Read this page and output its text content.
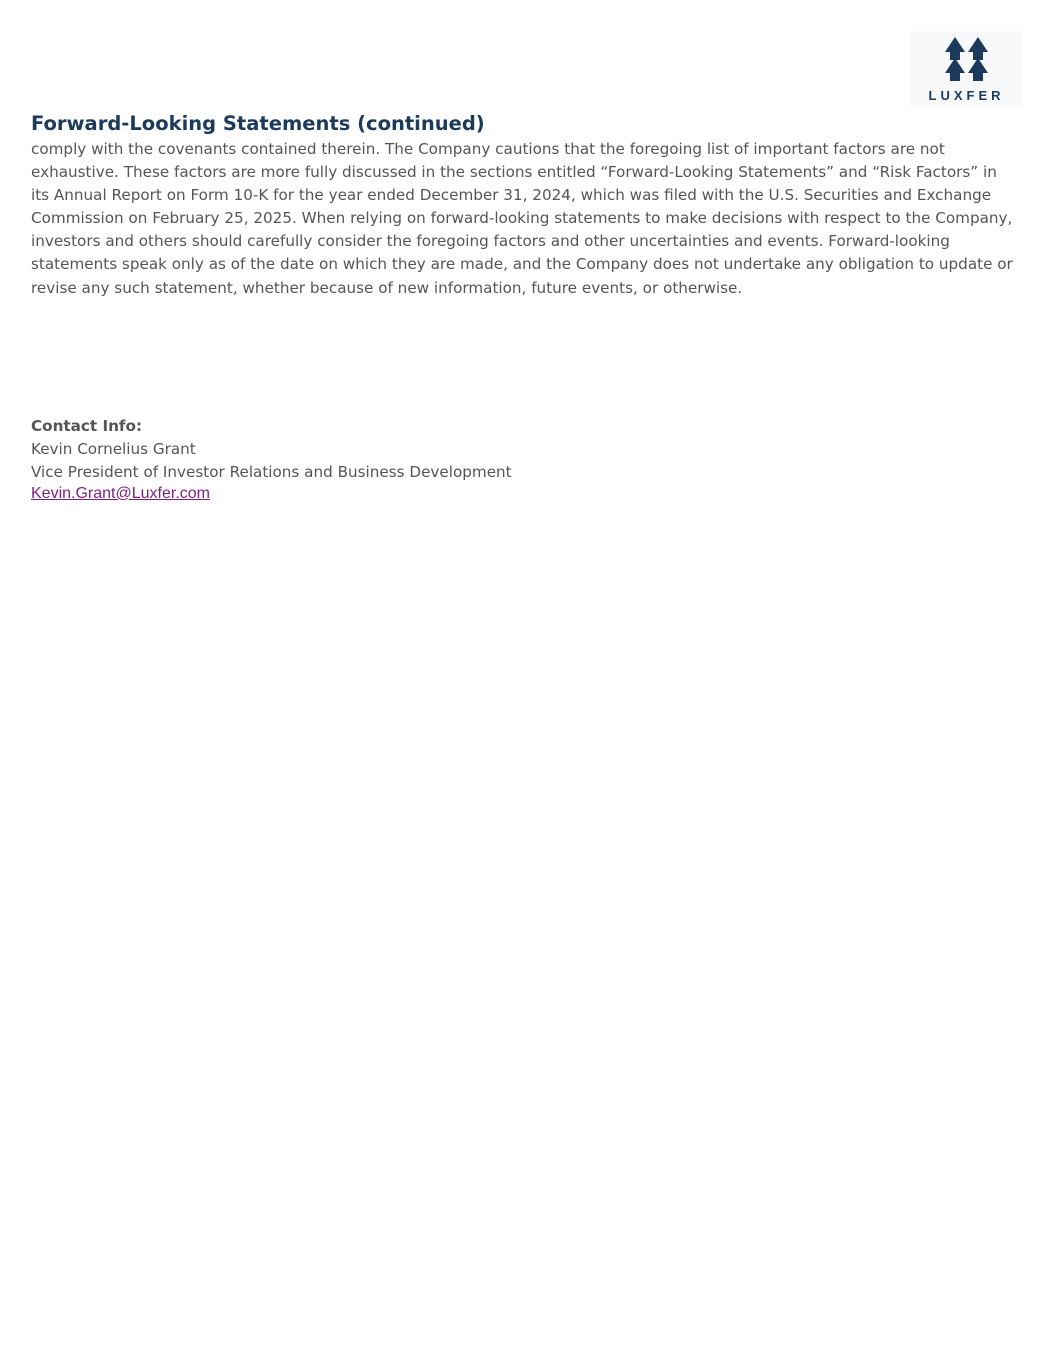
LUXFER
Forward-Looking Statements (continued)
comply with the covenants contained therein. The Company cautions that the foregoing list of important factors are not
exhaustive. These factors are more fully discussed in the sections entitled “Forward-Looking Statements” and “Risk Factors” in
its Annual Report on Form 10-K for the year ended December 31, 2024, which was filed with the U.S. Securities and Exchange
Commission on February 25, 2025. When relying on forward-looking statements to make decisions with respect to the Company,
investors and others should carefully consider the foregoing factors and other uncertainties and events. Forward-looking
statements speak only as of the date on which they are made, and the Company does not undertake any obligation to update or
revise any such statement, whether because of new information, future events, or otherwise.
Contact Info:
Kevin Cornelius Grant
Vice President of Investor Relations and Business Development
Kevin.Grant@Luxfer.com
